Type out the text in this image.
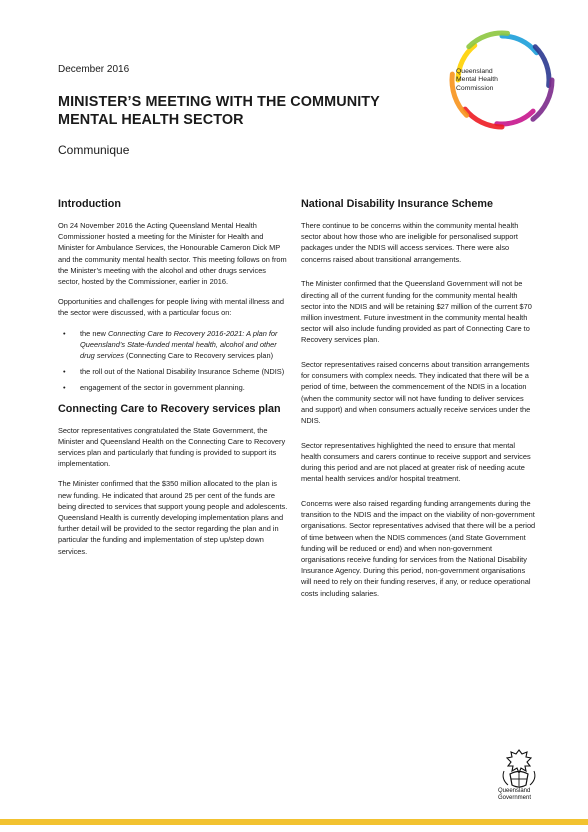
December 2016
MINISTER’S MEETING WITH THE COMMUNITY MENTAL HEALTH SECTOR
Communique
Queensland
Mental Health
Commission
Introduction

On 24 November 2016 the Acting Queensland Mental Health Commissioner hosted a meeting for the Minister for Health and Minister for Ambulance Services, the Honourable Cameron Dick MP and the community mental health sector. This meeting follows on from the Minister’s meeting with the alcohol and other drugs services sector, hosted by the Commissioner, earlier in 2016.

Opportunities and challenges for people living with mental illness and the sector were discussed, with a particular focus on:

• the new Connecting Care to Recovery 2016-2021: A plan for Queensland’s State-funded mental health, alcohol and other drug services (Connecting Care to Recovery services plan)
• the roll out of the National Disability Insurance Scheme (NDIS)
• engagement of the sector in government planning.
Connecting Care to Recovery services plan

Sector representatives congratulated the State Government, the Minister and Queensland Health on the Connecting Care to Recovery services plan and particularly that funding is provided to support its implementation.

The Minister confirmed that the $350 million allocated to the plan is new funding. He indicated that around 25 per cent of the funds are being directed to services that support young people and adolescents. Queensland Health is currently developing implementation plans and further detail will be provided to the sector regarding the plan and in particular the funding and implementation of step up/step down services.

National Disability Insurance Scheme

There continue to be concerns within the community mental health sector about how those who are ineligible for personalised support packages under the NDIS will access services. There were also concerns raised about transitional arrangements.

The Minister confirmed that the Queensland Government will not be directing all of the current funding for the community mental health sector into the NDIS and will be retaining $27 million of the current $70 million investment. Future investment in the community mental health sector will also include funding provided as part of Connecting Care to Recovery services plan.

Sector representatives raised concerns about transition arrangements for consumers with complex needs. They indicated that there will be a period of time, between the commencement of the NDIS in a location (when the community sector will not have funding to deliver services and support) and when consumers actually receive services under the NDIS.

Sector representatives highlighted the need to ensure that mental health consumers and carers continue to receive support and services during this period and are not placed at greater risk of needing acute mental health services and/or hospital treatment.

Concerns were also raised regarding funding arrangements during the transition to the NDIS and the impact on the viability of non-government organisations. Sector representatives advised that there will be a period of time between when the NDIS commences (and State Government funding will be reduced or end) and when non-government organisations receive funding for services from the National Disability Insurance Agency. During this period, non-government organisations will need to rely on their funding reserves, if any, or reduce operational costs including salaries.

Queensland
Government
